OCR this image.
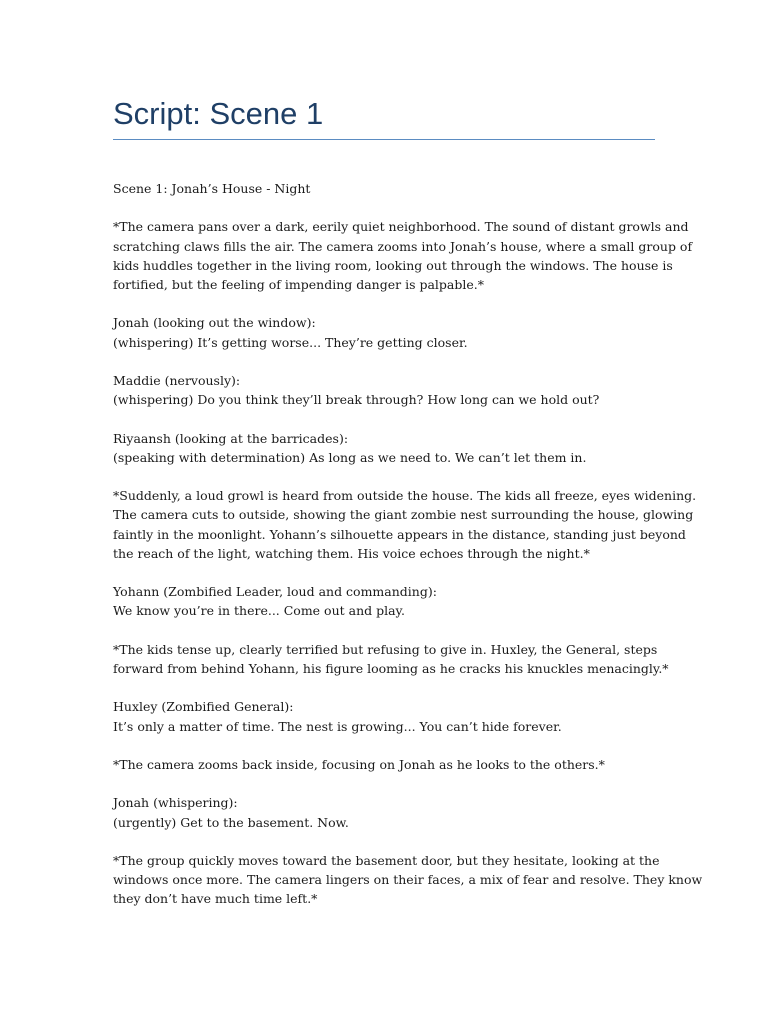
Script: Scene 1

Scene 1: Jonah’s House - Night

*The camera pans over a dark, eerily quiet neighborhood. The sound of distant growls and
scratching claws fills the air. The camera zooms into Jonah’s house, where a small group of
kids huddles together in the living room, looking out through the windows. The house is
fortified, but the feeling of impending danger is palpable.*

Jonah (looking out the window):
(whispering) It’s getting worse... They’re getting closer.

Maddie (nervously):
(whispering) Do you think they’ll break through? How long can we hold out?

Riyaansh (looking at the barricades):
(speaking with determination) As long as we need to. We can’t let them in.

*Suddenly, a loud growl is heard from outside the house. The kids all freeze, eyes widening.
The camera cuts to outside, showing the giant zombie nest surrounding the house, glowing
faintly in the moonlight. Yohann’s silhouette appears in the distance, standing just beyond
the reach of the light, watching them. His voice echoes through the night.*

Yohann (Zombified Leader, loud and commanding):
We know you’re in there... Come out and play.

*The kids tense up, clearly terrified but refusing to give in. Huxley, the General, steps
forward from behind Yohann, his figure looming as he cracks his knuckles menacingly.*

Huxley (Zombified General):
It’s only a matter of time. The nest is growing... You can’t hide forever.

*The camera zooms back inside, focusing on Jonah as he looks to the others.*

Jonah (whispering):
(urgently) Get to the basement. Now.

*The group quickly moves toward the basement door, but they hesitate, looking at the
windows once more. The camera lingers on their faces, a mix of fear and resolve. They know
they don’t have much time left.*
